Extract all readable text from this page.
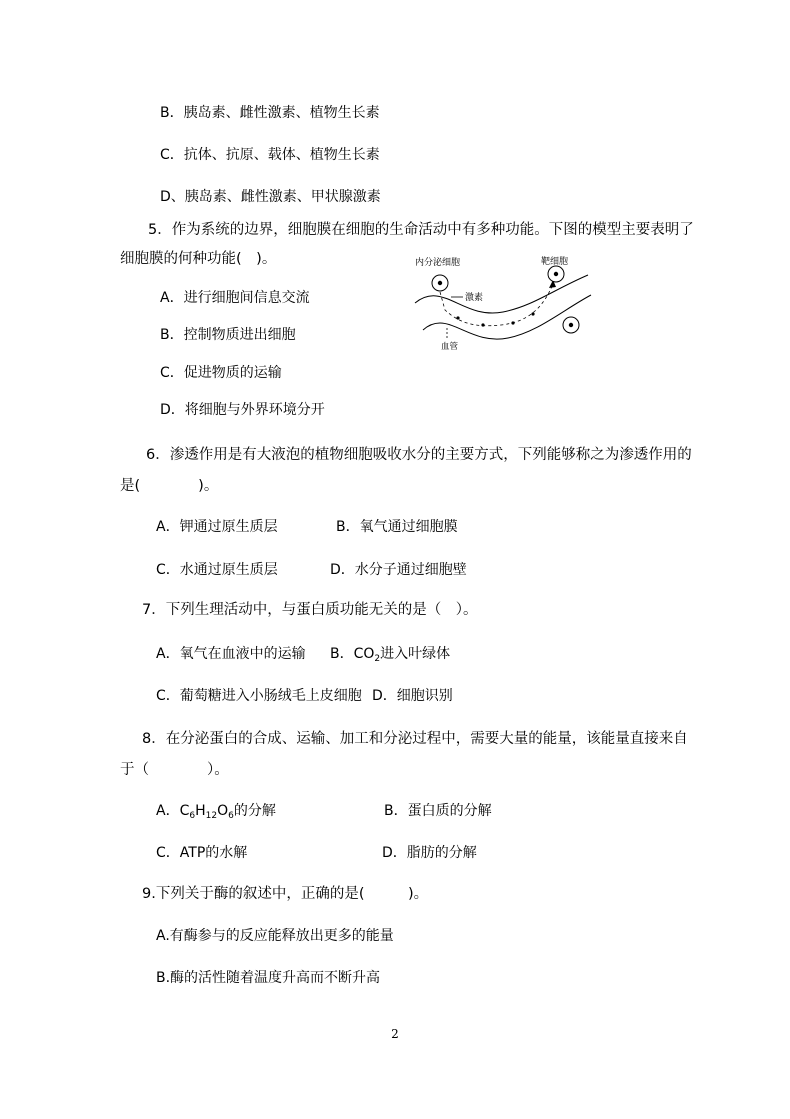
B．胰岛素、雌性激素、植物生长素
C．抗体、抗原、载体、植物生长素
D、胰岛素、雌性激素、甲状腺激素
5．作为系统的边界，细胞膜在细胞的生命活动中有多种功能。下图的模型主要表明了
细胞膜的何种功能(　)。
A．进行细胞间信息交流
B．控制物质进出细胞
C．促进物质的运输
D．将细胞与外界环境分开
内分泌细胞	靶细胞
激素
血管
6．渗透作用是有大液泡的植物细胞吸收水分的主要方式，下列能够称之为渗透作用的
是(　　　　)。
A．钾通过原生质层	B．氧气通过细胞膜
C．水通过原生质层	D．水分子通过细胞壁
7．下列生理活动中，与蛋白质功能无关的是（　）。
A．氧气在血液中的运输 B．$CO_2$进入叶绿体
C．葡萄糖进入小肠绒毛上皮细胞 D．细胞识别
8．在分泌蛋白的合成、运输、加工和分泌过程中，需要大量的能量，该能量直接来自
于（　　　　）。
A．$C_6H_{12}O_6$的分解	B．蛋白质的分解
C．ATP的水解	D．脂肪的分解
9.下列关于酶的叙述中，正确的是(　　　)。
A.有酶参与的反应能释放出更多的能量
B.酶的活性随着温度升高而不断升高
2
